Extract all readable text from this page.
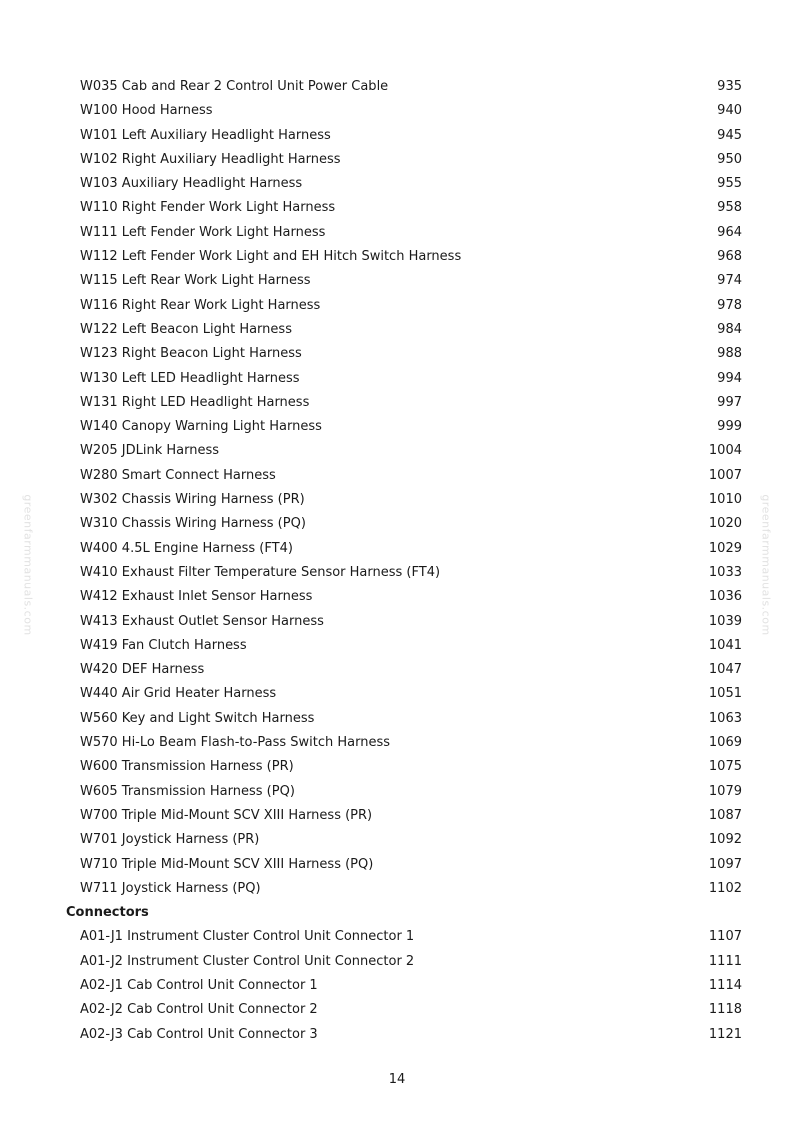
greenfarmmanuals.com	greenfarmmanuals.com
W035 Cab and Rear 2 Control Unit Power Cable	935
W100 Hood Harness	940
W101 Left Auxiliary Headlight Harness	945
W102 Right Auxiliary Headlight Harness	950
W103 Auxiliary Headlight Harness	955
W110 Right Fender Work Light Harness	958
W111 Left Fender Work Light Harness	964
W112 Left Fender Work Light and EH Hitch Switch Harness	968
W115 Left Rear Work Light Harness	974
W116 Right Rear Work Light Harness	978
W122 Left Beacon Light Harness	984
W123 Right Beacon Light Harness	988
W130 Left LED Headlight Harness	994
W131 Right LED Headlight Harness	997
W140 Canopy Warning Light Harness	999
W205 JDLink Harness	1004
W280 Smart Connect Harness	1007
W302 Chassis Wiring Harness (PR)	1010
W310 Chassis Wiring Harness (PQ)	1020
W400 4.5L Engine Harness (FT4)	1029
W410 Exhaust Filter Temperature Sensor Harness (FT4)	1033
W412 Exhaust Inlet Sensor Harness	1036
W413 Exhaust Outlet Sensor Harness	1039
W419 Fan Clutch Harness	1041
W420 DEF Harness	1047
W440 Air Grid Heater Harness	1051
W560 Key and Light Switch Harness	1063
W570 Hi-Lo Beam Flash-to-Pass Switch Harness	1069
W600 Transmission Harness (PR)	1075
W605 Transmission Harness (PQ)	1079
W700 Triple Mid-Mount SCV XIII Harness (PR)	1087
W701 Joystick Harness (PR)	1092
W710 Triple Mid-Mount SCV XIII Harness (PQ)	1097
W711 Joystick Harness (PQ)	1102
Connectors
A01-J1 Instrument Cluster Control Unit Connector 1	1107
A01-J2 Instrument Cluster Control Unit Connector 2	1111
A02-J1 Cab Control Unit Connector 1	1114
A02-J2 Cab Control Unit Connector 2	1118
A02-J3 Cab Control Unit Connector 3	1121
14
